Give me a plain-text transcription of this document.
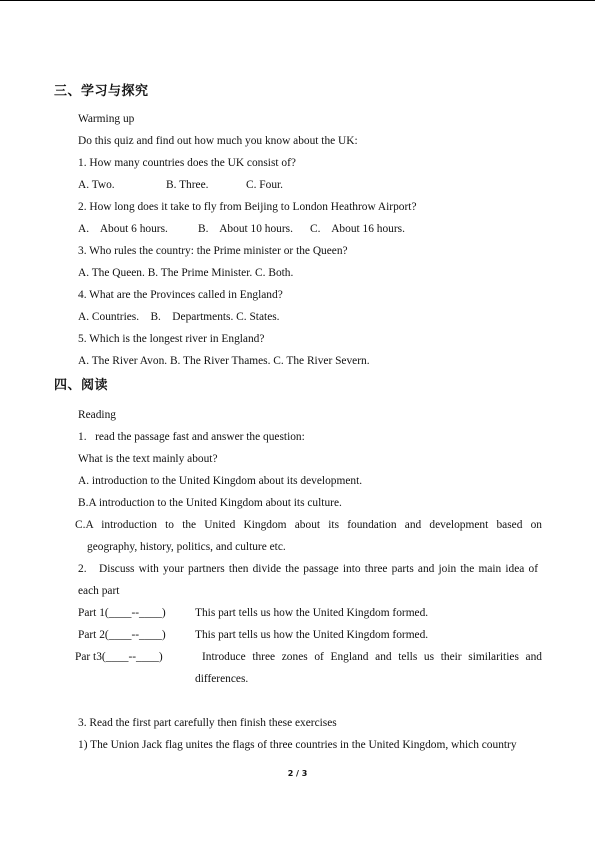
三、学习与探究
Warming up
Do this quiz and find out how much you know about the UK:
1. How many countries does the UK consist of?
A. Two.	B. Three.	C. Four.
2. How long does it take to fly from Beijing to London Heathrow Airport?
A.    About 6 hours.	B.    About 10 hours. C.    About 16 hours.
3. Who rules the country: the Prime minister or the Queen?
A. The Queen. B. The Prime Minister. C. Both.
4. What are the Provinces called in England?
A. Countries.    B.    Departments. C. States.
5. Which is the longest river in England?
A. The River Avon. B. The River Thames. C. The River Severn.
四、阅读
Reading
1.   read the passage fast and answer the question:
What is the text mainly about?
A. introduction to the United Kingdom about its development.
B.A introduction to the United Kingdom about its culture.
C.A introduction to the United Kingdom about its foundation and development based on
geography, history, politics, and culture etc.
2.   Discuss with your partners then divide the passage into three parts and join the main idea of
each part
Part 1(____--____)	This part tells us how the United Kingdom formed.
Part 2(____--____)	This part tells us how the United Kingdom formed.
Par t3(____--____)	Introduce three zones of England and tells us their similarities and
differences.
3. Read the first part carefully then finish these exercises
1) The Union Jack flag unites the flags of three countries in the United Kingdom, which country
2 / 3
